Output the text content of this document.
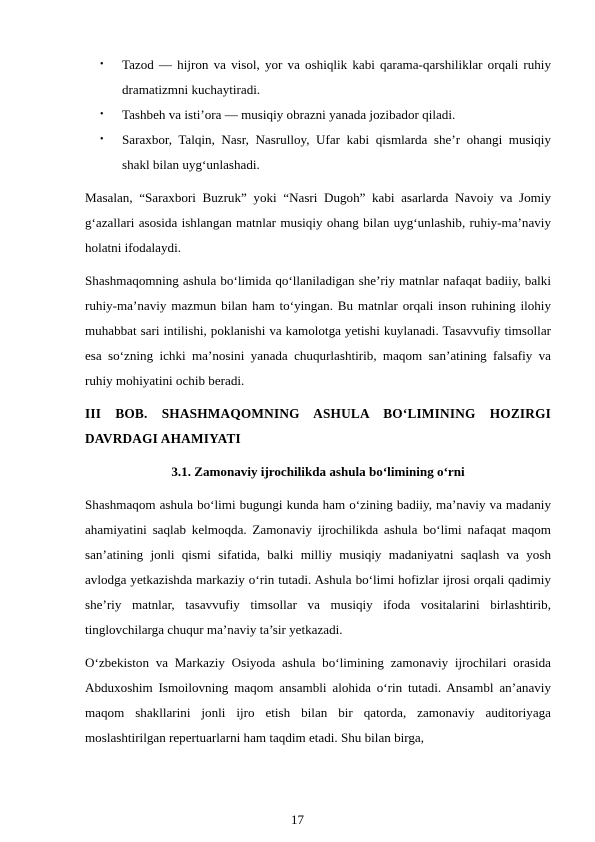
• Tazod — hijron va visol, yor va oshiqlik kabi qarama-qarshiliklar orqali ruhiy dramatizmni kuchaytiradi.
• Tashbeh va isti’ora — musiqiy obrazni yanada jozibador qiladi.
• Saraxbor, Talqin, Nasr, Nasrulloy, Ufar kabi qismlarda she’r ohangi musiqiy shakl bilan uyg‘unlashadi.

Masalan, “Saraxbori Buzruk” yoki “Nasri Dugoh” kabi asarlarda Navoiy va Jomiy g‘azallari asosida ishlangan matnlar musiqiy ohang bilan uyg‘unlashib, ruhiy-ma’naviy holatni ifodalaydi.

Shashmaqomning ashula bo‘limida qo‘llaniladigan she’riy matnlar nafaqat badiiy, balki ruhiy-ma’naviy mazmun bilan ham to‘yingan. Bu matnlar orqali inson ruhining ilohiy muhabbat sari intilishi, poklanishi va kamolotga yetishi kuylanadi. Tasavvufiy timsollar esa so‘zning ichki ma’nosini yanada chuqurlashtirib, maqom san’atining falsafiy va ruhiy mohiyatini ochib beradi.

III BOB. SHASHMAQOMNING ASHULA BO‘LIMINING HOZIRGI DAVRDAGI AHAMIYATI
3.1. Zamonaviy ijrochilikda ashula bo‘limining o‘rni

Shashmaqom ashula bo‘limi bugungi kunda ham o‘zining badiiy, ma’naviy va madaniy ahamiyatini saqlab kelmoqda. Zamonaviy ijrochilikda ashula bo‘limi nafaqat maqom san’atining jonli qismi sifatida, balki milliy musiqiy madaniyatni saqlash va yosh avlodga yetkazishda markaziy o‘rin tutadi. Ashula bo‘limi hofizlar ijrosi orqali qadimiy she’riy matnlar, tasavvufiy timsollar va musiqiy ifoda vositalarini birlashtirib, tinglovchilarga chuqur ma’naviy ta’sir yetkazadi.

O‘zbekiston va Markaziy Osiyoda ashula bo‘limining zamonaviy ijrochilari orasida Abduxoshim Ismoilovning maqom ansambli alohida o‘rin tutadi. Ansambl an’anaviy maqom shakllarini jonli ijro etish bilan bir qatorda, zamonaviy auditoriyaga moslashtirilgan repertuarlarni ham taqdim etadi. Shu bilan birga,

17
